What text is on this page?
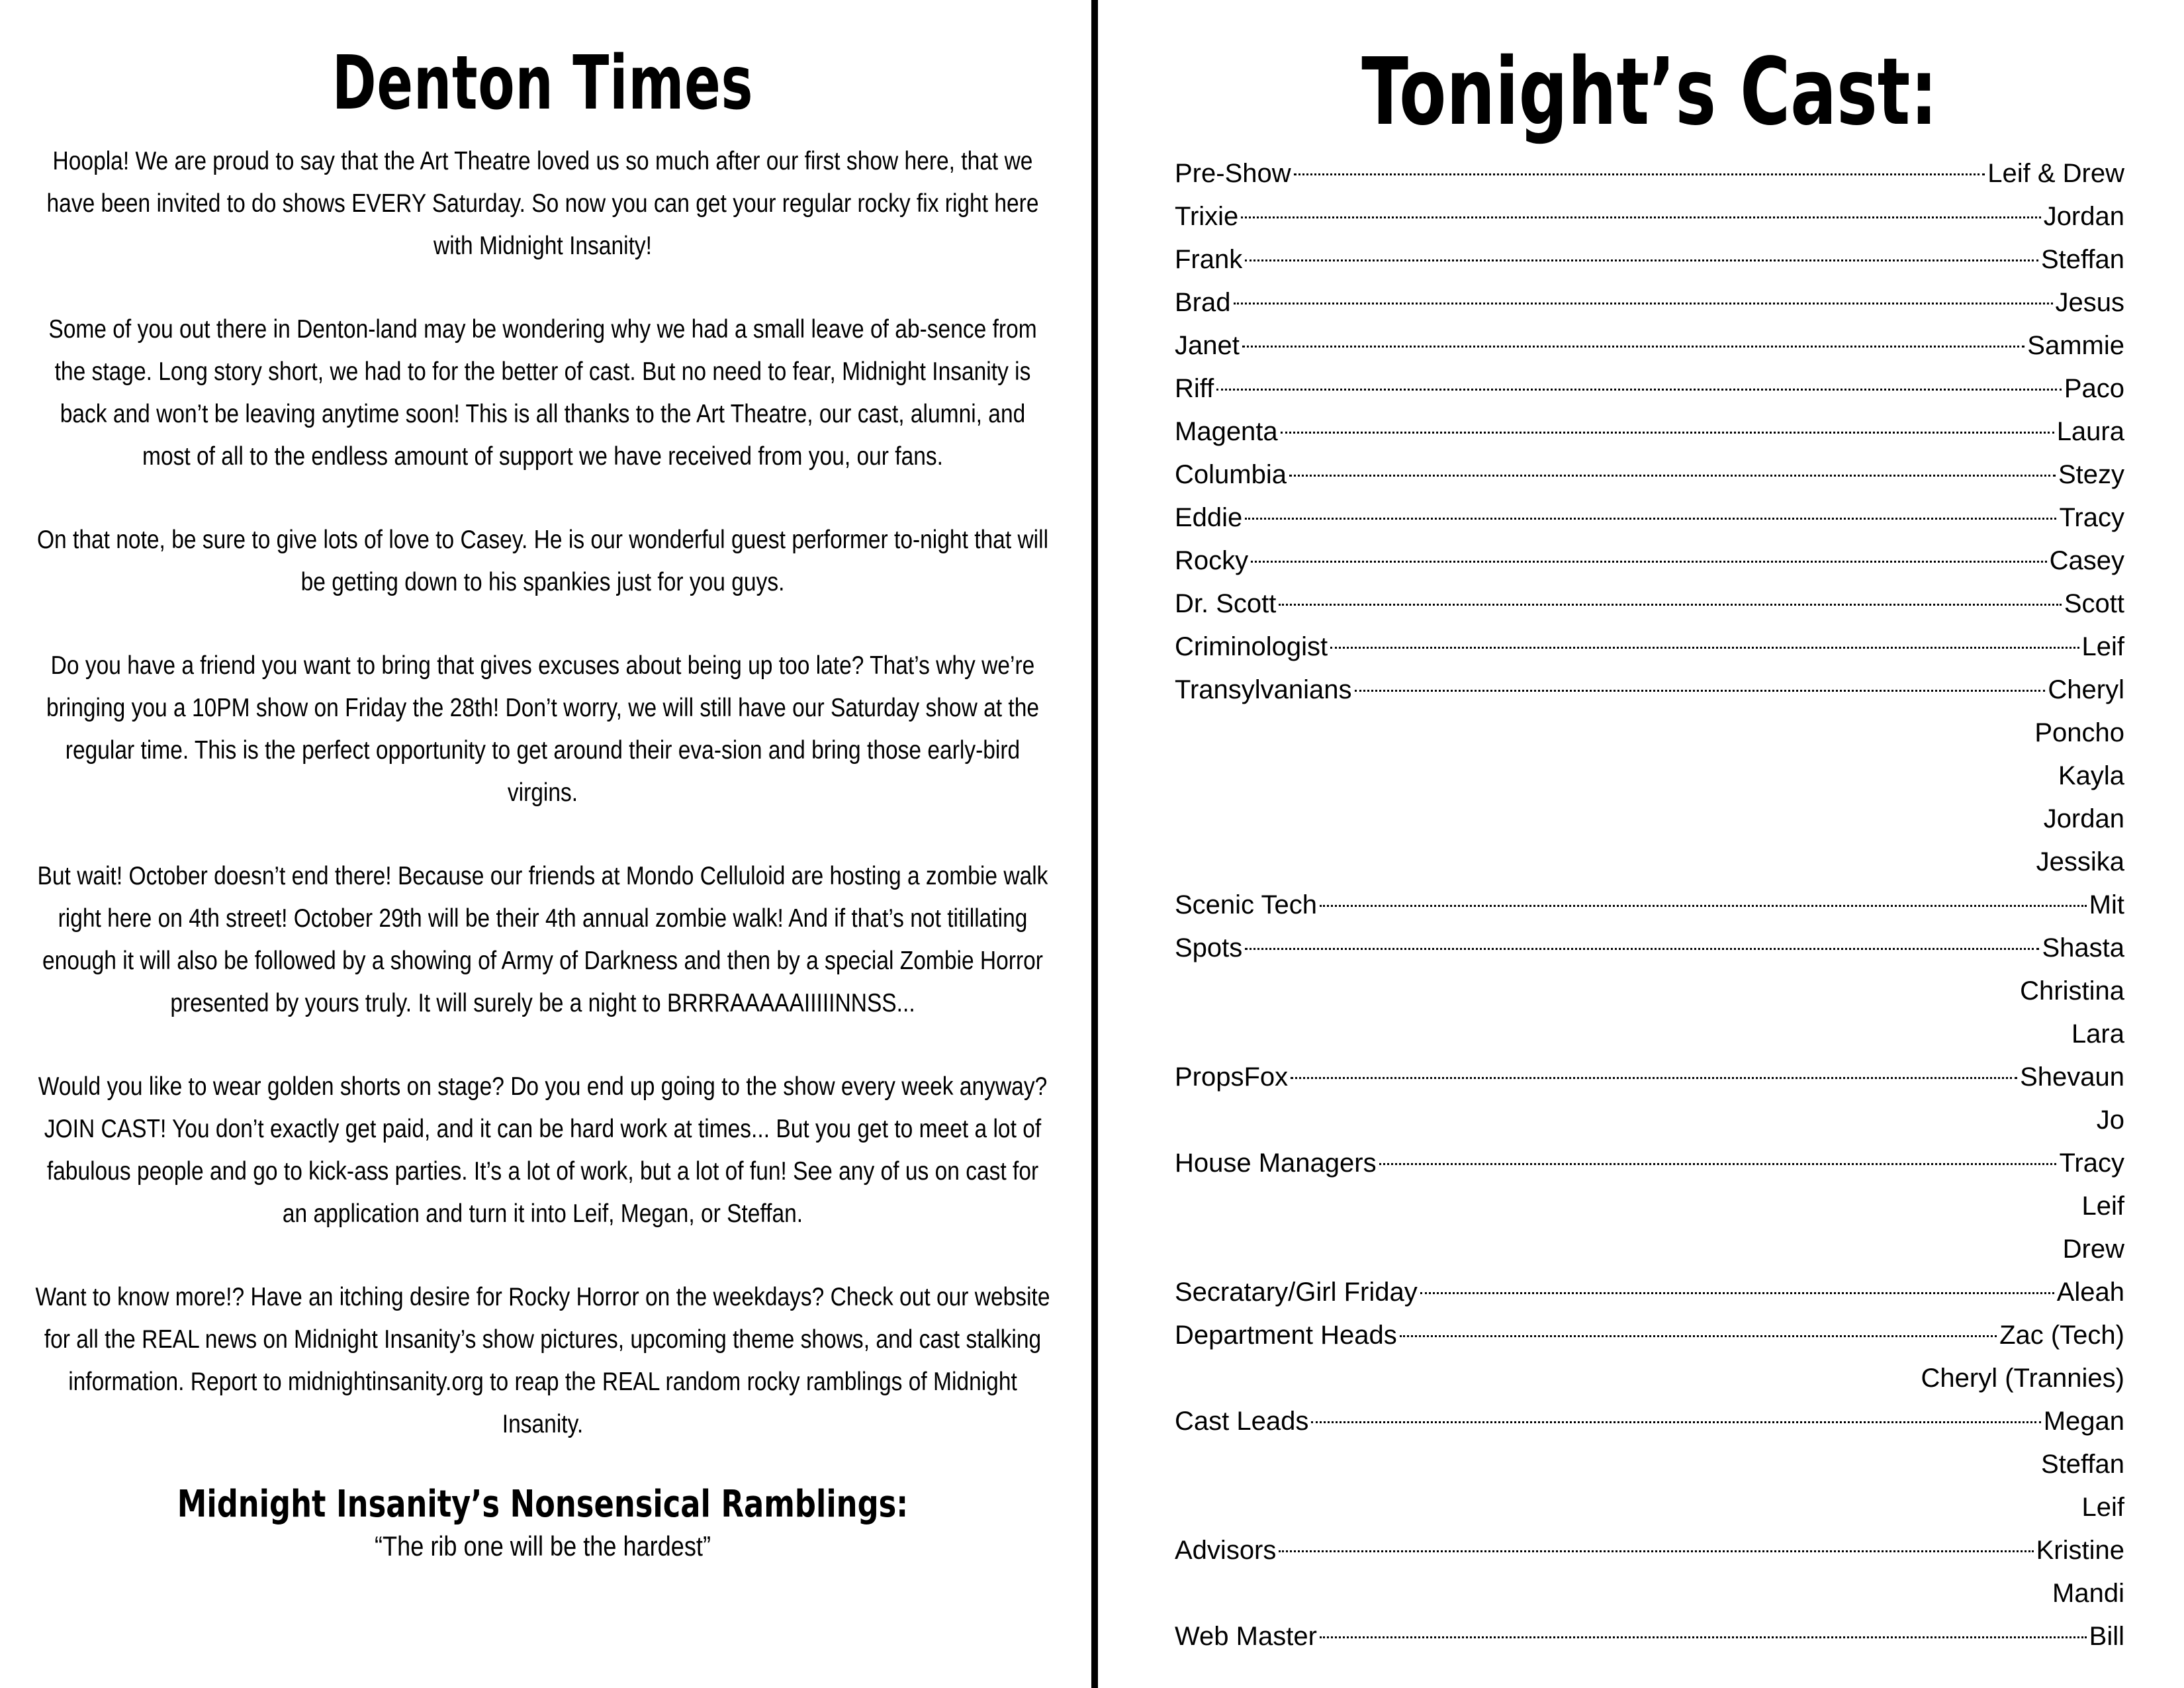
Denton Times
Hoopla! We are proud to say that the Art Theatre loved us so much after our first show here, that we have been invited to do shows EVERY Saturday. So now you can get your regular rocky fix right here with Midnight Insanity!
Some of you out there in Denton-land may be wondering why we had a small leave of ab-sence from the stage. Long story short, we had to for the better of cast. But no need to fear, Midnight Insanity is back and won’t be leaving anytime soon! This is all thanks to the Art Theatre, our cast, alumni, and most of all to the endless amount of support we have received from you, our fans.
On that note, be sure to give lots of love to Casey. He is our wonderful guest performer to-night that will be getting down to his spankies just for you guys.
Do you have a friend you want to bring that gives excuses about being up too late? That’s why we’re bringing you a 10PM show on Friday the 28th! Don’t worry, we will still have our Saturday show at the regular time. This is the perfect opportunity to get around their eva-sion and bring those early-bird virgins.
But wait! October doesn’t end there! Because our friends at Mondo Celluloid are hosting a zombie walk right here on 4th street! October 29th will be their 4th annual zombie walk! And if that’s not titillating enough it will also be followed by a showing of Army of Darkness and then by a special Zombie Horror presented by yours truly. It will surely be a night to BRRRAAAAAIIIIINNSS...
Would you like to wear golden shorts on stage? Do you end up going to the show every week anyway? JOIN CAST! You don’t exactly get paid, and it can be hard work at times... But you get to meet a lot of fabulous people and go to kick-ass parties. It’s a lot of work, but a lot of fun! See any of us on cast for an application and turn it into Leif, Megan, or Steffan.
Want to know more!? Have an itching desire for Rocky Horror on the weekdays? Check out our website for all the REAL news on Midnight Insanity’s show pictures, upcoming theme shows, and cast stalking information. Report to midnightinsanity.org to reap the REAL random rocky ramblings of Midnight Insanity.
Midnight Insanity’s Nonsensical Ramblings:
“The rib one will be the hardest”
Tonight’s Cast:
Pre-Show	Leif & Drew
Trixie	Jordan
Frank	Steffan
Brad	Jesus
Janet	Sammie
Riff	Paco
Magenta	Laura
Columbia	Stezy
Eddie	Tracy
Rocky	Casey
Dr. Scott	Scott
Criminologist	Leif
Transylvanians	Cheryl
Poncho
Kayla
Jordan
Jessika
Scenic Tech	Mit
Spots	Shasta
Christina
Lara
PropsFox	Shevaun
Jo
House Managers	Tracy
Leif
Drew
Secratary/Girl Friday	Aleah
Department Heads	Zac (Tech)
Cheryl (Trannies)
Cast Leads	Megan
Steffan
Leif
Advisors	Kristine
Mandi
Web Master	Bill
